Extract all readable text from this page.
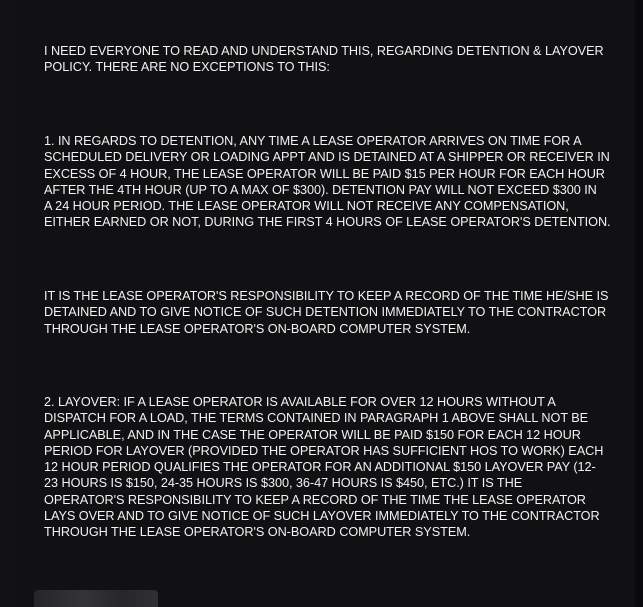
I NEED EVERYONE TO READ AND UNDERSTAND THIS, REGARDING DETENTION & LAYOVER
POLICY. THERE ARE NO EXCEPTIONS TO THIS:

1. IN REGARDS TO DETENTION, ANY TIME A LEASE OPERATOR ARRIVES ON TIME FOR A
SCHEDULED DELIVERY OR LOADING APPT AND IS DETAINED AT A SHIPPER OR RECEIVER IN
EXCESS OF 4 HOUR, THE LEASE OPERATOR WILL BE PAID $15 PER HOUR FOR EACH HOUR
AFTER THE 4TH HOUR (UP TO A MAX OF $300). DETENTION PAY WILL NOT EXCEED $300 IN
A 24 HOUR PERIOD. THE LEASE OPERATOR WILL NOT RECEIVE ANY COMPENSATION,
EITHER EARNED OR NOT, DURING THE FIRST 4 HOURS OF LEASE OPERATOR'S DETENTION.

IT IS THE LEASE OPERATOR'S RESPONSIBILITY TO KEEP A RECORD OF THE TIME HE/SHE IS
DETAINED AND TO GIVE NOTICE OF SUCH DETENTION IMMEDIATELY TO THE CONTRACTOR
THROUGH THE LEASE OPERATOR'S ON-BOARD COMPUTER SYSTEM.

2. LAYOVER: IF A LEASE OPERATOR IS AVAILABLE FOR OVER 12 HOURS WITHOUT A
DISPATCH FOR A LOAD, THE TERMS CONTAINED IN PARAGRAPH 1 ABOVE SHALL NOT BE
APPLICABLE, AND IN THE CASE THE OPERATOR WILL BE PAID $150 FOR EACH 12 HOUR
PERIOD FOR LAYOVER (PROVIDED THE OPERATOR HAS SUFFICIENT HOS TO WORK) EACH
12 HOUR PERIOD QUALIFIES THE OPERATOR FOR AN ADDITIONAL $150 LAYOVER PAY (12-
23 HOURS IS $150, 24-35 HOURS IS $300, 36-47 HOURS IS $450, ETC.) IT IS THE
OPERATOR'S RESPONSIBILITY TO KEEP A RECORD OF THE TIME THE LEASE OPERATOR
LAYS OVER AND TO GIVE NOTICE OF SUCH LAYOVER IMMEDIATELY TO THE CONTRACTOR
THROUGH THE LEASE OPERATOR'S ON-BOARD COMPUTER SYSTEM.
